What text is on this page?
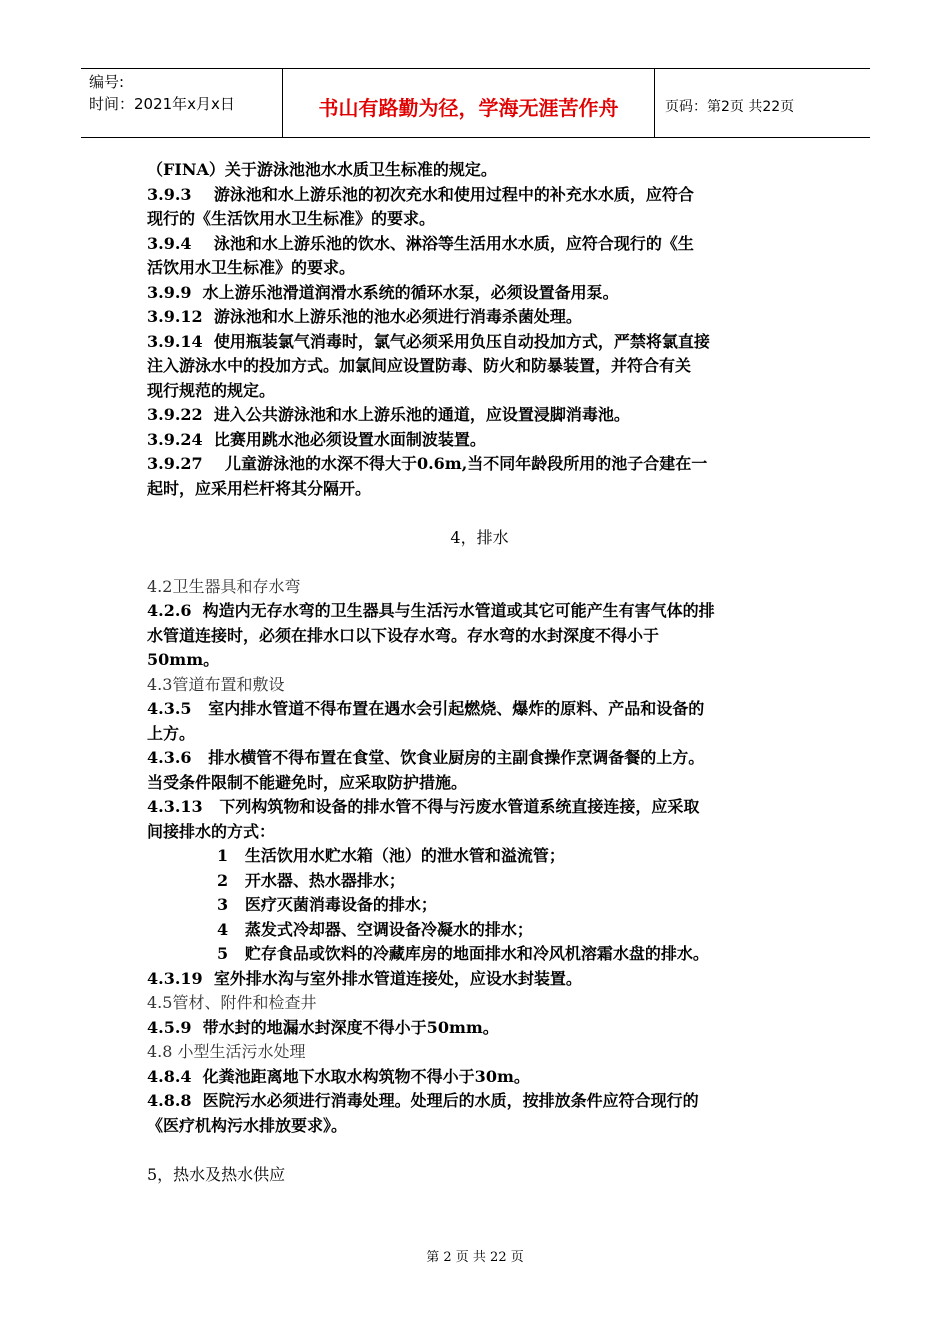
编号:
时间：2021年x月x日	书山有路勤为径，学海无涯苦作舟	页码：第2页 共22页
（FINA）关于游泳池池水水质卫生标准的规定。
3.9.3    游泳池和水上游乐池的初次充水和使用过程中的补充水水质，应符合
现行的《生活饮用水卫生标准》的要求。
3.9.4    泳池和水上游乐池的饮水、淋浴等生活用水水质，应符合现行的《生
活饮用水卫生标准》的要求。
3.9.9  水上游乐池滑道润滑水系统的循环水泵，必须设置备用泵。
3.9.12  游泳池和水上游乐池的池水必须进行消毒杀菌处理。
3.9.14  使用瓶装氯气消毒时，氯气必须采用负压自动投加方式，严禁将氯直接
注入游泳水中的投加方式。加氯间应设置防毒、防火和防暴装置，并符合有关
现行规范的规定。
3.9.22  进入公共游泳池和水上游乐池的通道，应设置浸脚消毒池。
3.9.24  比赛用跳水池必须设置水面制波装置。
3.9.27    儿童游泳池的水深不得大于0.6m,当不同年龄段所用的池子合建在一
起时，应采用栏杆将其分隔开。

4，排水

4.2卫生器具和存水弯
4.2.6  构造内无存水弯的卫生器具与生活污水管道或其它可能产生有害气体的排
水管道连接时，必须在排水口以下设存水弯。存水弯的水封深度不得小于
50mm。
4.3管道布置和敷设
4.3.5   室内排水管道不得布置在遇水会引起燃烧、爆炸的原料、产品和设备的
上方。
4.3.6   排水横管不得布置在食堂、饮食业厨房的主副食操作烹调备餐的上方。
当受条件限制不能避免时，应采取防护措施。
4.3.13   下列构筑物和设备的排水管不得与污废水管道系统直接连接，应采取
间接排水的方式：
1   生活饮用水贮水箱（池）的泄水管和溢流管；
2   开水器、热水器排水；
3   医疗灭菌消毒设备的排水；
4   蒸发式冷却器、空调设备冷凝水的排水；
5   贮存食品或饮料的冷藏库房的地面排水和冷风机溶霜水盘的排水。
4.3.19  室外排水沟与室外排水管道连接处，应设水封装置。
4.5管材、附件和检查井
4.5.9  带水封的地漏水封深度不得小于50mm。
4.8 小型生活污水处理
4.8.4  化粪池距离地下水取水构筑物不得小于30m。
4.8.8  医院污水必须进行消毒处理。处理后的水质，按排放条件应符合现行的
《医疗机构污水排放要求》。

5，热水及热水供应
第 2 页 共 22 页
